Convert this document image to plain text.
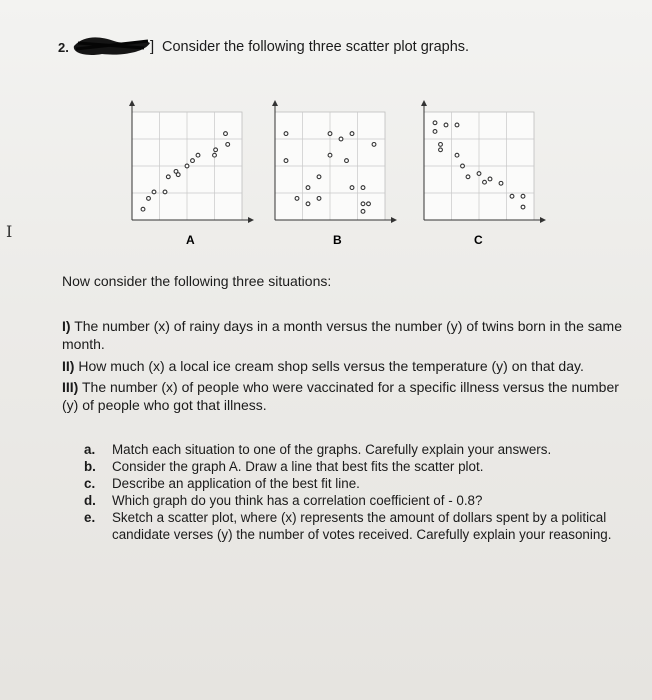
2.	] Consider the following three scatter plot graphs.
I	A	B	C
Now consider the following three situations:
I) The number (x) of rainy days in a month versus the number (y) of twins born in the same month.
II) How much (x) a local ice cream shop sells versus the temperature (y) on that day.
III) The number (x) of people who were vaccinated for a specific illness versus the number (y) of people who got that illness.
a. Match each situation to one of the graphs. Carefully explain your answers.
b. Consider the graph A. Draw a line that best fits the scatter plot.
c. Describe an application of the best fit line.
d. Which graph do you think has a correlation coefficient of - 0.8?
e. Sketch a scatter plot, where (x) represents the amount of dollars spent by a political candidate verses (y) the number of votes received. Carefully explain your reasoning.
